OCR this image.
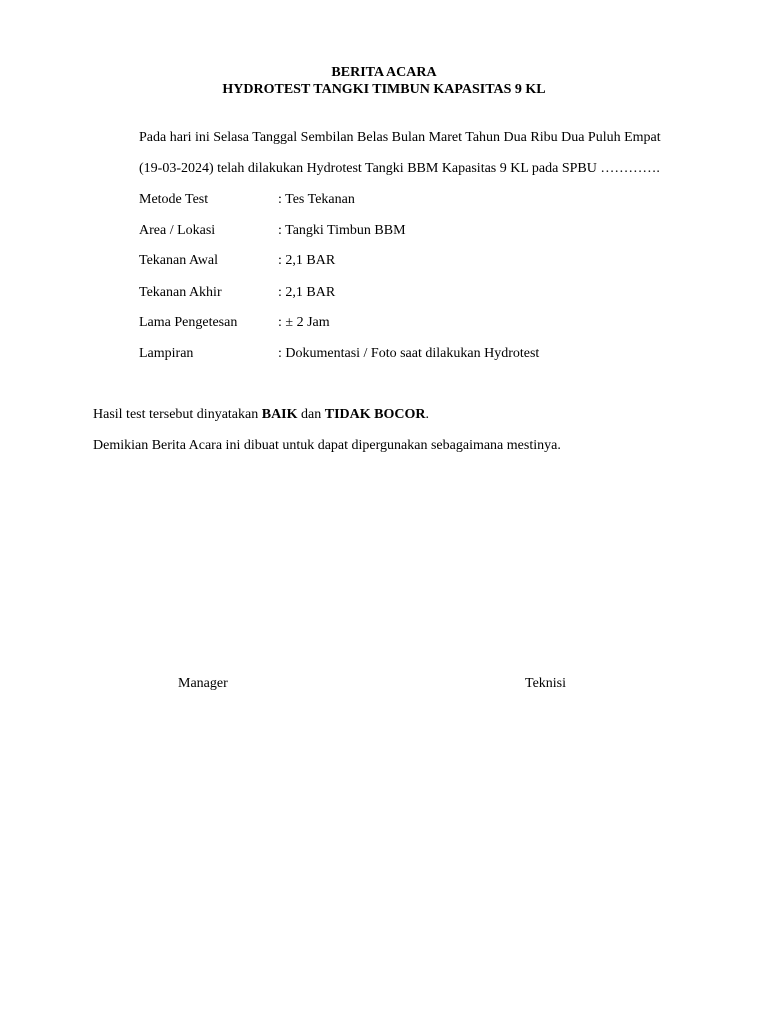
BERITA ACARA
HYDROTEST TANGKI TIMBUN KAPASITAS 9 KL
Pada hari ini Selasa Tanggal Sembilan Belas Bulan Maret Tahun Dua Ribu Dua Puluh Empat
(19-03-2024) telah dilakukan Hydrotest Tangki BBM Kapasitas 9 KL pada SPBU ………….
Metode Test	: Tes Tekanan
Area / Lokasi	: Tangki Timbun BBM
Tekanan Awal	: 2,1 BAR
Tekanan Akhir	: 2,1 BAR
Lama Pengetesan	: ± 2 Jam
Lampiran	: Dokumentasi / Foto saat dilakukan Hydrotest
Hasil test tersebut dinyatakan BAIK dan TIDAK BOCOR.
Demikian Berita Acara ini dibuat untuk dapat dipergunakan sebagaimana mestinya.
Manager	Teknisi
